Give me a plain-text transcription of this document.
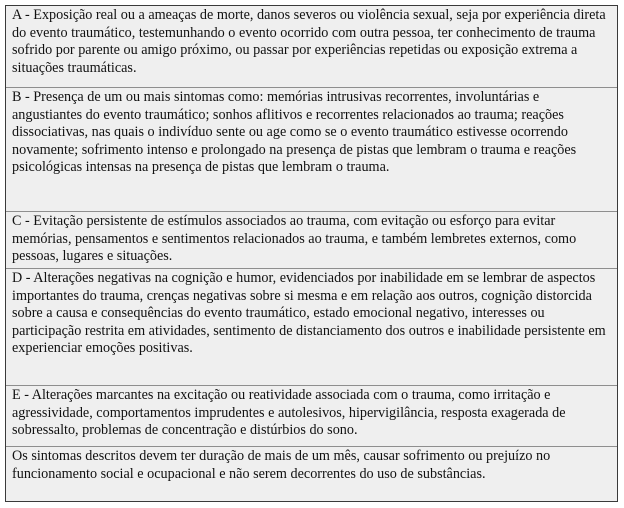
A - Exposição real ou a ameaças de morte, danos severos ou violência sexual, seja por experiência direta do evento traumático, testemunhando o evento ocorrido com outra pessoa, ter conhecimento de trauma sofrido por parente ou amigo próximo, ou passar por experiências repetidas ou exposição extrema a situações traumáticas.

B - Presença de um ou mais sintomas como: memórias intrusivas recorrentes, involuntárias e angustiantes do evento traumático; sonhos aflitivos e recorrentes relacionados ao trauma; reações dissociativas, nas quais o indivíduo sente ou age como se o evento traumático estivesse ocorrendo novamente; sofrimento intenso e prolongado na presença de pistas que lembram o trauma e reações psicológicas intensas na presença de pistas que lembram o trauma.

C - Evitação persistente de estímulos associados ao trauma, com evitação ou esforço para evitar memórias, pensamentos e sentimentos relacionados ao trauma, e também lembretes externos, como pessoas, lugares e situações.

D - Alterações negativas na cognição e humor, evidenciados por inabilidade em se lembrar de aspectos importantes do trauma, crenças negativas sobre si mesma e em relação aos outros, cognição distorcida sobre a causa e consequências do evento traumático, estado emocional negativo, interesses ou participação restrita em atividades, sentimento de distanciamento dos outros e inabilidade persistente em experienciar emoções positivas.

E - Alterações marcantes na excitação ou reatividade associada com o trauma, como irritação e agressividade, comportamentos imprudentes e autolesivos, hipervigilância, resposta exagerada de sobressalto, problemas de concentração e distúrbios do sono.

Os sintomas descritos devem ter duração de mais de um mês, causar sofrimento ou prejuízo no funcionamento social e ocupacional e não serem decorrentes do uso de substâncias.
